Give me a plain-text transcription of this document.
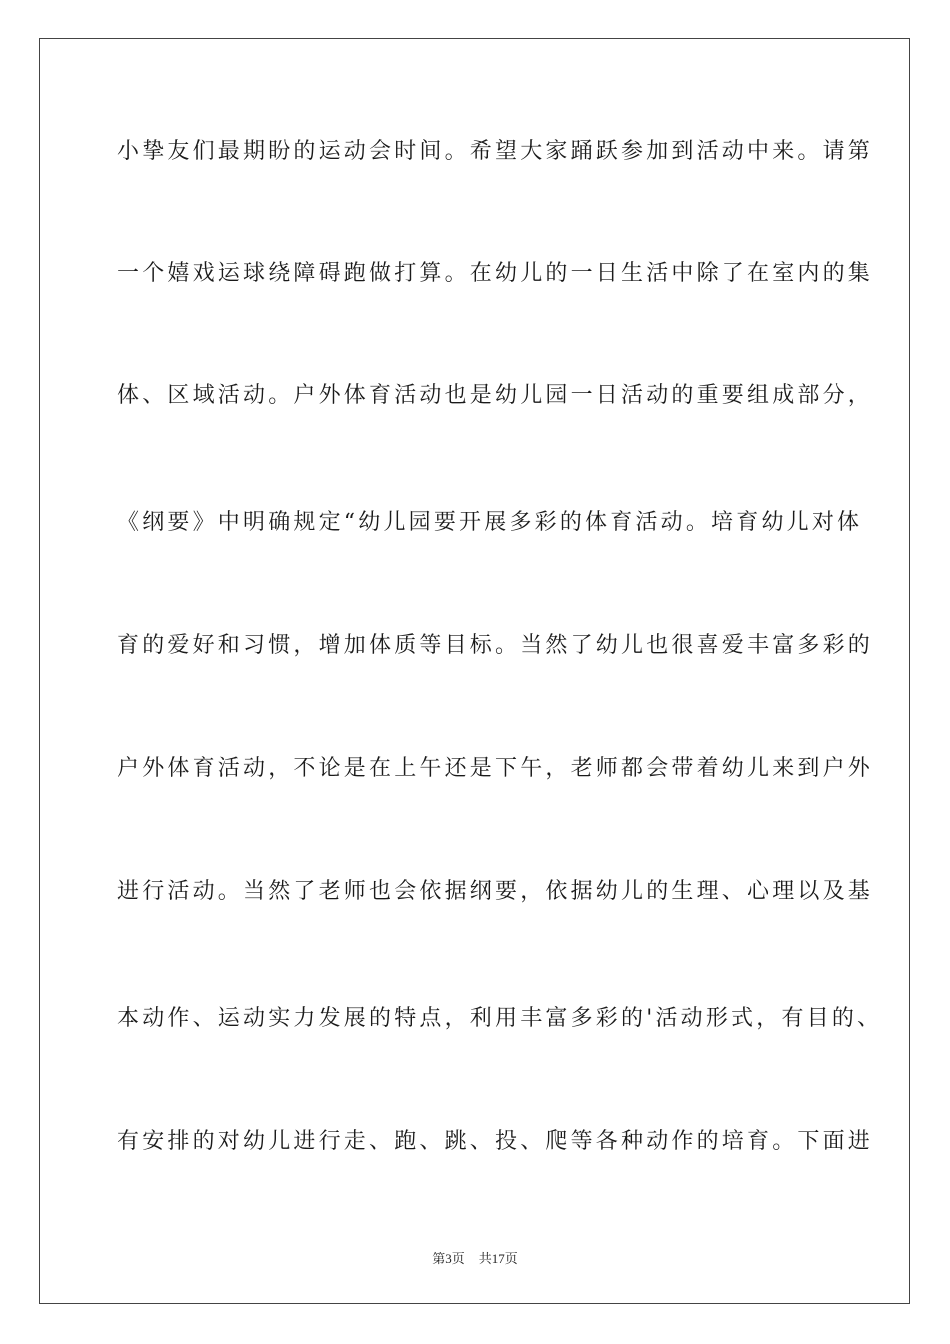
小挚友们最期盼的运动会时间。希望大家踊跃参加到活动中来。请第
一个嬉戏运球绕障碍跑做打算。在幼儿的一日生活中除了在室内的集
体、区域活动。户外体育活动也是幼儿园一日活动的重要组成部分，
《纲要》中明确规定“幼儿园要开展多彩的体育活动。培育幼儿对体
育的爱好和习惯，增加体质等目标。当然了幼儿也很喜爱丰富多彩的
户外体育活动，不论是在上午还是下午，老师都会带着幼儿来到户外
进行活动。当然了老师也会依据纲要，依据幼儿的生理、心理以及基
本动作、运动实力发展的特点，利用丰富多彩的'活动形式，有目的、
有安排的对幼儿进行走、跑、跳、投、爬等各种动作的培育。下面进
第3页 共17页
